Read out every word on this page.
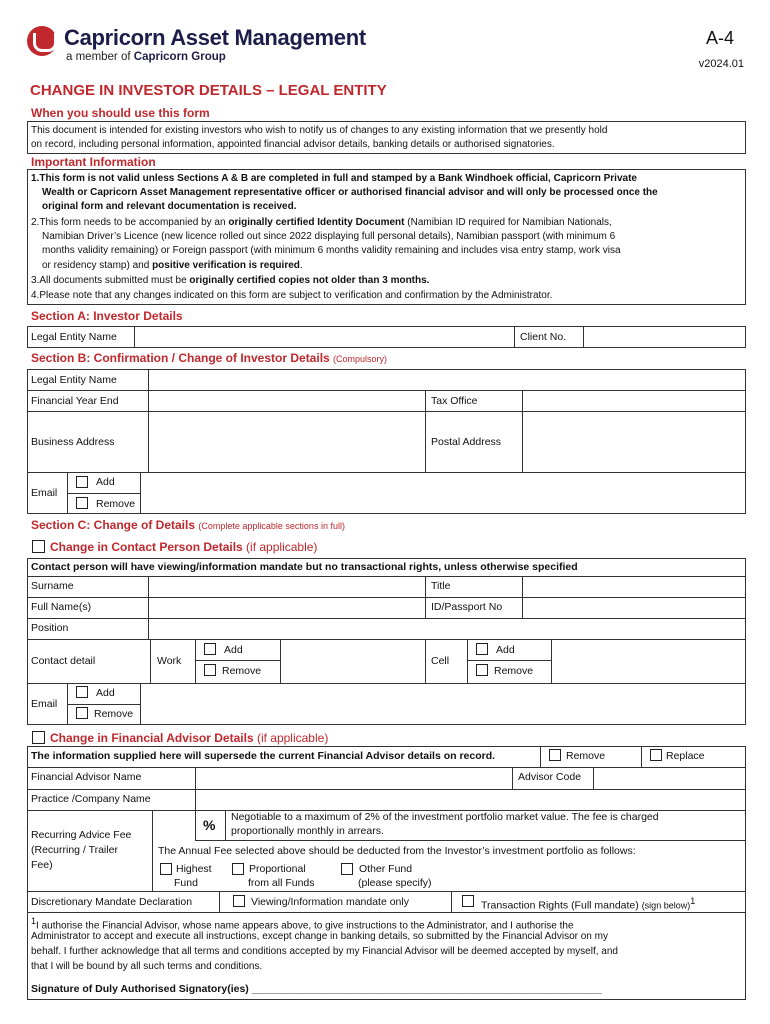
Capricorn Asset Management
a member of Capricorn Group
A-4
v2024.01
CHANGE IN INVESTOR DETAILS – LEGAL ENTITY
When you should use this form
This document is intended for existing investors who wish to notify us of changes to any existing information that we presently hold
on record, including personal information, appointed financial advisor details, banking details or authorised signatories.
Important Information
1.This form is not valid unless Sections A & B are completed in full and stamped by a Bank Windhoek official, Capricorn Private
Wealth or Capricorn Asset Management representative officer or authorised financial advisor and will only be processed once the
original form and relevant documentation is received.
2.This form needs to be accompanied by an originally certified Identity Document (Namibian ID required for Namibian Nationals,
Namibian Driver’s Licence (new licence rolled out since 2022 displaying full personal details), Namibian passport (with minimum 6
months validity remaining) or Foreign passport (with minimum 6 months validity remaining and includes visa entry stamp, work visa
or residency stamp) and positive verification is required.
3.All documents submitted must be originally certified copies not older than 3 months.
4.Please note that any changes indicated on this form are subject to verification and confirmation by the Administrator.
Section A: Investor Details
Legal Entity Name	Client No.
Section B: Confirmation / Change of Investor Details (Compulsory)
Legal Entity Name
Financial Year End	Tax Office
Business Address	Postal Address
Email
Add
Remove
Section C: Change of Details (Complete applicable sections in full)
Change in Contact Person Details (if applicable)
Contact person will have viewing/information mandate but no transactional rights, unless otherwise specified
Surname	Title
Full Name(s)	ID/Passport No
Position
Contact detail	Work
Add
Remove
Cell
Add
Remove
Email
Add
Remove
Change in Financial Advisor Details (if applicable)
The information supplied here will supersede the current Financial Advisor details on record.	Remove	Replace
Financial Advisor Name	Advisor Code
Practice /Company Name
Recurring Advice Fee
(Recurring / Trailer
Fee)
% Negotiable to a maximum of 2% of the investment portfolio market value. The fee is charged
proportionally monthly in arrears.
The Annual Fee selected above should be deducted from the Investor’s investment portfolio as follows:
Highest
Fund
Proportional
from all Funds
Other Fund
(please specify)
Discretionary Mandate Declaration	Viewing/Information mandate only	Transaction Rights (Full mandate) (sign below)$^1$
$^1$I authorise the Financial Advisor, whose name appears above, to give instructions to the Administrator, and I authorise the
Administrator to accept and execute all instructions, except change in banking details, so submitted by the Financial Advisor on my
behalf. I further acknowledge that all terms and conditions accepted by my Financial Advisor will be deemed accepted by myself, and
that I will be bound by all such terms and conditions.
Signature of Duly Authorised Signatory(ies) ____________________________________________________________
